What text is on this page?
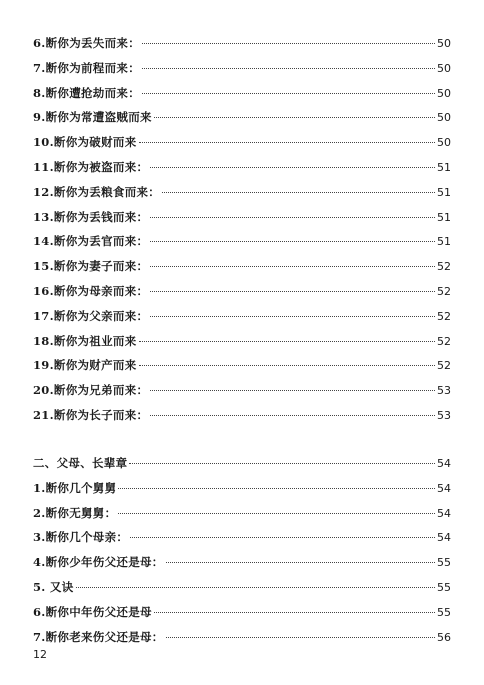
6.断你为丢失而来：	50
7.断你为前程而来：	50
8.断你遭抢劫而来：	50
9.断你为常遭盗贼而来	50
10.断你为破财而来	50
11.断你为被盗而来：	51
12.断你为丢粮食而来：	51
13.断你为丢钱而来：	51
14.断你为丢官而来：	51
15.断你为妻子而来：	52
16.断你为母亲而来：	52
17.断你为父亲而来：	52
18.断你为祖业而来	52
19.断你为财产而来	52
20.断你为兄弟而来：	53
21.断你为长子而来：	53
二、父母、长辈章	54
1.断你几个舅舅	54
2.断你无舅舅：	54
3.断你几个母亲：	54
4.断你少年伤父还是母：	55
5. 又诀	55
6.断你中年伤父还是母	55
7.断你老来伤父还是母：	56
12
